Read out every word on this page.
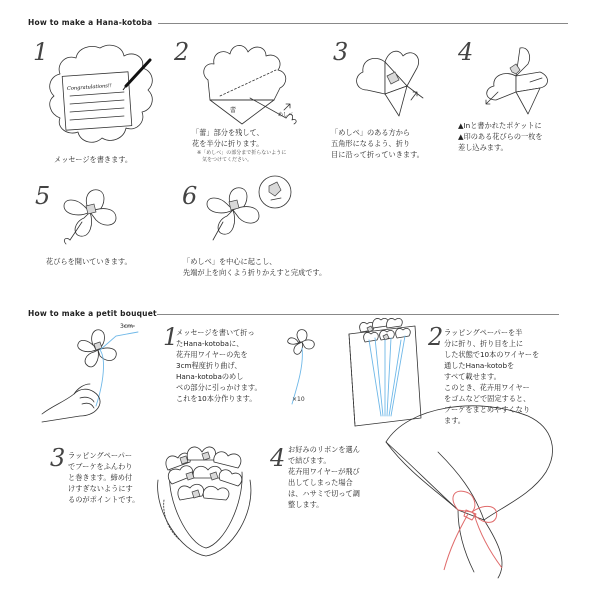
How to make a Hana-kotoba
1
Congratulations!!
メッセージを書きます。
2
蕾
めしべ
「蕾」部分を残して、
花を半分に折ります。
※「めしべ」の部分まで折らないように
　気をつけてください。
3
「めしべ」のある方から
五角形になるよう、折り
目に沿って折っていきます。
4
▲Inと書かれたポケットに
▲印のある花びらの一枚を
差し込みます。
5
花びらを開いていきます。
6
「めしべ」を中心に起こし、
先端が上を向くよう折りかえすと完成です。
How to make a petit bouquet
3cm 1
メッセージを書いて折っ
たHana-kotobaに、
花卉用ワイヤーの先を
3cm程度折り曲げ、
Hana-kotobaのめし
べの部分に引っかけます。
これを10本分作ります。	×10
2 ラッピングペーパーを半
分に折り、折り目を上に
した状態で10本のワイヤーを
通したHana-kotobを
すべて載せます。
このとき、花卉用ワイヤー
をゴムなどで固定すると、
ブーケをまとめやすくなり
ます。
3 ラッピングペーパー
でブーケをふんわり
と巻きます。締め付
けすぎないようにす
るのがポイントです。
4 お好みのリボンを選ん
で結びます。
花卉用ワイヤーが飛び
出してしまった場合
は、ハサミで切って調
整します。
